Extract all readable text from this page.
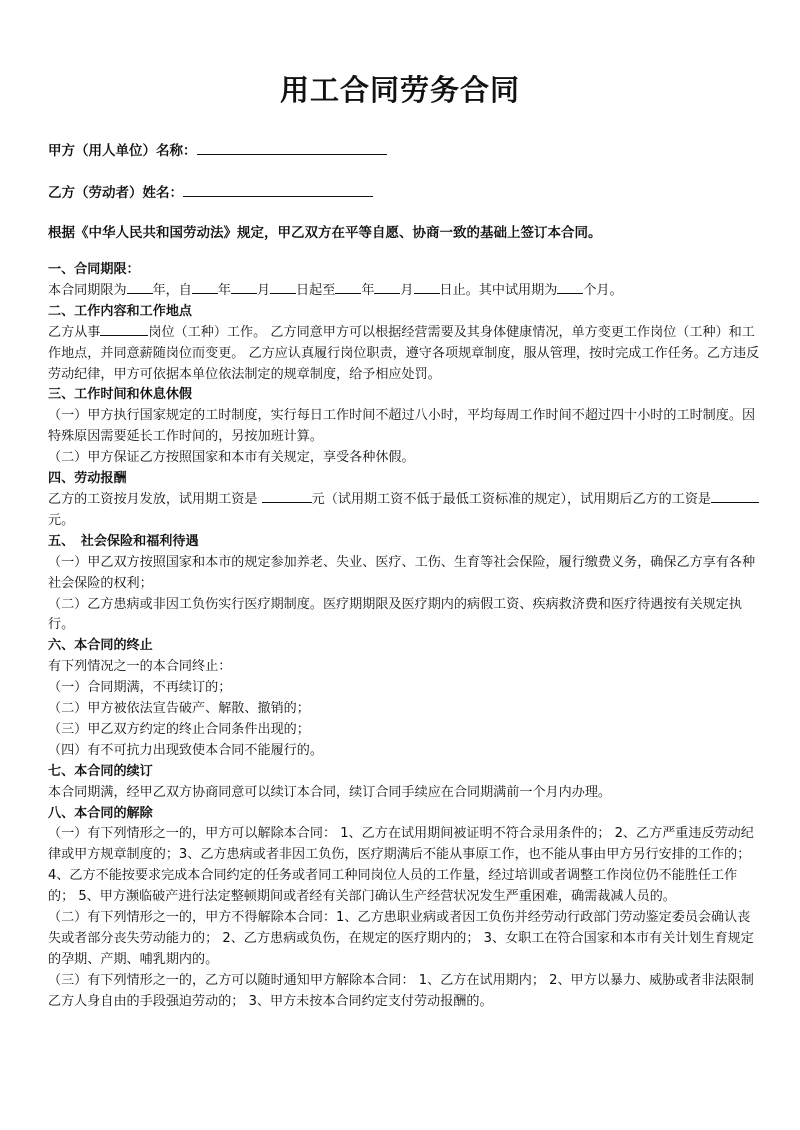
用工合同劳务合同
甲方（用人单位）名称：
乙方（劳动者）姓名：
根据《中华人民共和国劳动法》规定，甲乙双方在平等自愿、协商一致的基础上签订本合同。

一、合同期限：

本合同期限为 年，自 年 月 日起至 年 月 日止。其中试用期为 个月。

二、工作内容和工作地点

乙方从事	岗位（工种）工作。 乙方同意甲方可以根据经营需要及其身体健康情况，单方变更工作岗位（工种）和工作地点，并同意薪随岗位而变更。 乙方应认真履行岗位职责，遵守各项规章制度，服从管理，按时完成工作任务。乙方违反劳动纪律，甲方可依据本单位依法制定的规章制度，给予相应处罚。

三、工作时间和休息休假

（一）甲方执行国家规定的工时制度，实行每日工作时间不超过八小时，平均每周工作时间不超过四十小时的工时制度。因特殊原因需要延长工作时间的，另按加班计算。

（二）甲方保证乙方按照国家和本市有关规定，享受各种休假。

四、劳动报酬

乙方的工资按月发放，试用期工资是	元（试用期工资不低于最低工资标准的规定），试用期后乙方的工资是元。

五、　社会保险和福利待遇

（一）甲乙双方按照国家和本市的规定参加养老、失业、医疗、工伤、生育等社会保险，履行缴费义务，确保乙方享有各种社会保险的权利；

（二）乙方患病或非因工负伤实行医疗期制度。医疗期期限及医疗期内的病假工资、疾病救济费和医疗待遇按有关规定执行。

六、本合同的终止

有下列情况之一的本合同终止：

（一）合同期满，不再续订的；

（二）甲方被依法宣告破产、解散、撤销的；

（三）甲乙双方约定的终止合同条件出现的；

（四）有不可抗力出现致使本合同不能履行的。

七、本合同的续订

本合同期满，经甲乙双方协商同意可以续订本合同，续订合同手续应在合同期满前一个月内办理。

八、本合同的解除

（一）有下列情形之一的，甲方可以解除本合同： 1、乙方在试用期间被证明不符合录用条件的； 2、乙方严重违反劳动纪律或甲方规章制度的；3、乙方患病或者非因工负伤，医疗期满后不能从事原工作，也不能从事由甲方另行安排的工作的； 4、乙方不能按要求完成本合同约定的任务或者同工种同岗位人员的工作量，经过培训或者调整工作岗位仍不能胜任工作的； 5、甲方濒临破产进行法定整顿期间或者经有关部门确认生产经营状况发生严重困难，确需裁减人员的。

（二）有下列情形之一的，甲方不得解除本合同：1、乙方患职业病或者因工负伤并经劳动行政部门劳动鉴定委员会确认丧失或者部分丧失劳动能力的； 2、乙方患病或负伤，在规定的医疗期内的； 3、女职工在符合国家和本市有关计划生育规定的孕期、产期、哺乳期内的。

（三）有下列情形之一的，乙方可以随时通知甲方解除本合同： 1、乙方在试用期内； 2、甲方以暴力、威胁或者非法限制乙方人身自由的手段强迫劳动的； 3、甲方未按本合同约定支付劳动报酬的。
